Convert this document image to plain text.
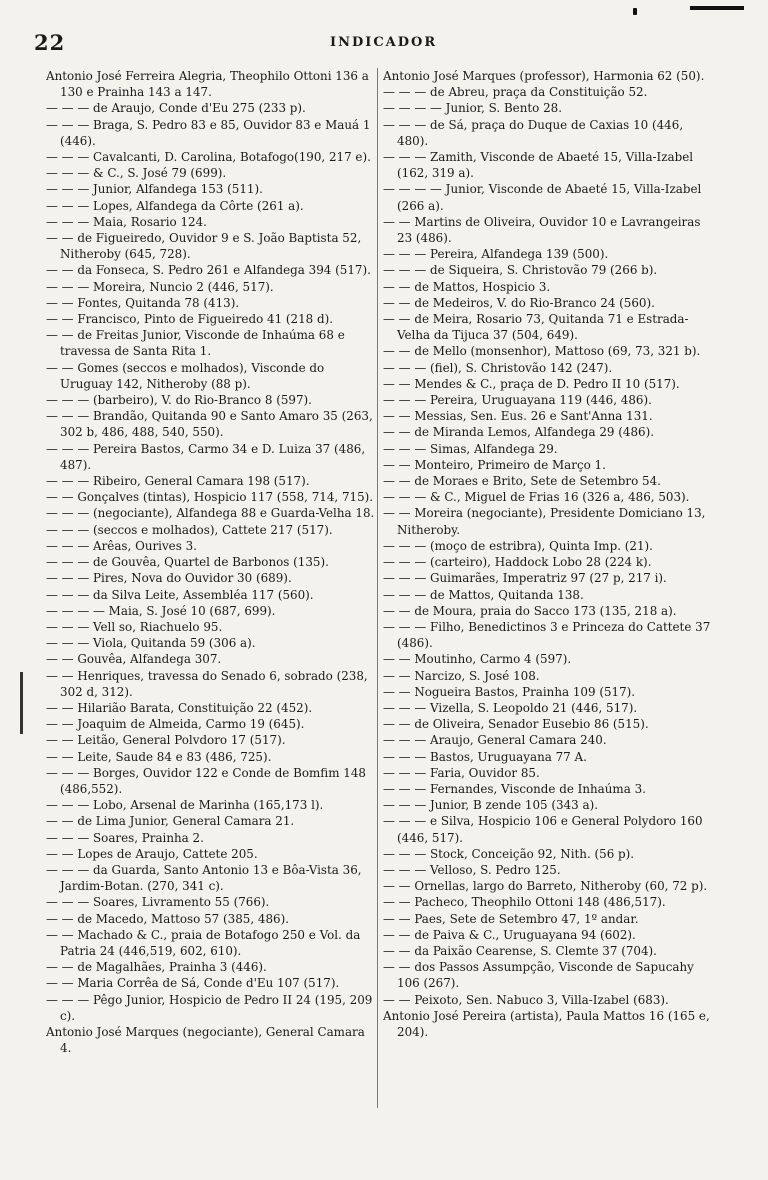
22	INDICADOR
Antonio José Ferreira Alegria, Theophilo Ottoni 136 a 130 e Prainha 143 a 147.
— — — de Araujo, Conde d'Eu 275 (233 p).
— — — Braga, S. Pedro 83 e 85, Ouvidor 83 e Mauá 1 (446).
— — — Cavalcanti, D. Carolina, Botafogo(190, 217 e).
— — — & C., S. José 79 (699).
— — — Junior, Alfandega 153 (511).
— — — Lopes, Alfandega da Côrte (261 a).
— — — Maia, Rosario 124.
— — de Figueiredo, Ouvidor 9 e S. João Baptista 52, Nitheroby (645, 728).
— — da Fonseca, S. Pedro 261 e Alfandega 394 (517).
— — — Moreira, Nuncio 2 (446, 517).
— — Fontes, Quitanda 78 (413).
— — Francisco, Pinto de Figueiredo 41 (218 d).
— — de Freitas Junior, Visconde de Inhaúma 68 e travessa de Santa Rita 1.
— — Gomes (seccos e molhados), Visconde do Uruguay 142, Nitheroby (88 p).
— — — (barbeiro), V. do Rio-Branco 8 (597).
— — — Brandão, Quitanda 90 e Santo Amaro 35 (263, 302 b, 486, 488, 540, 550).
— — — Pereira Bastos, Carmo 34 e D. Luiza 37 (486, 487).
— — — Ribeiro, General Camara 198 (517).
— — Gonçalves (tintas), Hospicio 117 (558, 714, 715).
— — — (negociante), Alfandega 88 e Guarda-Velha 18.
— — — (seccos e molhados), Cattete 217 (517).
— — — Arêas, Ourives 3.
— — — de Gouvêa, Quartel de Barbonos (135).
— — — Pires, Nova do Ouvidor 30 (689).
— — — da Silva Leite, Assembléa 117 (560).
— — — — Maia, S. José 10 (687, 699).
— — — Vell so, Riachuelo 95.
— — — Viola, Quitanda 59 (306 a).
— — Gouvêa, Alfandega 307.
— — Henriques, travessa do Senado 6, sobrado (238, 302 d, 312).
— — Hilarião Barata, Constituição 22 (452).
— — Joaquim de Almeida, Carmo 19 (645).
— — Leitão, General Polvdoro 17 (517).
— — Leite, Saude 84 e 83 (486, 725).
— — — Borges, Ouvidor 122 e Conde de Bomfim 148 (486,552).
— — — Lobo, Arsenal de Marinha (165,173 l).
— — de Lima Junior, General Camara 21.
— — — Soares, Prainha 2.
— — Lopes de Araujo, Cattete 205.
— — — da Guarda, Santo Antonio 13 e Bôa-Vista 36, Jardim-Botan. (270, 341 c).
— — — Soares, Livramento 55 (766).
— — de Macedo, Mattoso 57 (385, 486).
— — Machado & C., praia de Botafogo 250 e Vol. da Patria 24 (446,519, 602, 610).
— — de Magalhães, Prainha 3 (446).
— — Maria Corrêa de Sá, Conde d'Eu 107 (517).
— — — Pêgo Junior, Hospicio de Pedro II 24 (195, 209 c).
Antonio José Marques (negociante), General Camara 4.
Antonio José Marques (professor), Harmonia 62 (50).
— — — de Abreu, praça da Constituição 52.
— — — — Junior, S. Bento 28.
— — — de Sá, praça do Duque de Caxias 10 (446, 480).
— — — Zamith, Visconde de Abaeté 15, Villa-Izabel (162, 319 a).
— — — — Junior, Visconde de Abaeté 15, Villa-Izabel (266 a).
— — Martins de Oliveira, Ouvidor 10 e Lavrangeiras 23 (486).
— — — Pereira, Alfandega 139 (500).
— — — de Siqueira, S. Christovão 79 (266 b).
— — de Mattos, Hospicio 3.
— — de Medeiros, V. do Rio-Branco 24 (560).
— — de Meira, Rosario 73, Quitanda 71 e Estrada-Velha da Tijuca 37 (504, 649).
— — de Mello (monsenhor), Mattoso (69, 73, 321 b).
— — — (fiel), S. Christovão 142 (247).
— — Mendes & C., praça de D. Pedro II 10 (517).
— — — Pereira, Uruguayana 119 (446, 486).
— — Messias, Sen. Eus. 26 e Sant'Anna 131.
— — de Miranda Lemos, Alfandega 29 (486).
— — — Simas, Alfandega 29.
— — Monteiro, Primeiro de Março 1.
— — de Moraes e Brito, Sete de Setembro 54.
— — — & C., Miguel de Frias 16 (326 a, 486, 503).
— — Moreira (negociante), Presidente Domiciano 13, Nitheroby.
— — — (moço de estribra), Quinta Imp. (21).
— — — (carteiro), Haddock Lobo 28 (224 k).
— — — Guimarães, Imperatriz 97 (27 p, 217 i).
— — — de Mattos, Quitanda 138.
— — de Moura, praia do Sacco 173 (135, 218 a).
— — — Filho, Benedictinos 3 e Princeza do Cattete 37 (486).
— — Moutinho, Carmo 4 (597).
— — Narcizo, S. José 108.
— — Nogueira Bastos, Prainha 109 (517).
— — — Vizella, S. Leopoldo 21 (446, 517).
— — de Oliveira, Senador Eusebio 86 (515).
— — — Araujo, General Camara 240.
— — — Bastos, Uruguayana 77 A.
— — — Faria, Ouvidor 85.
— — — Fernandes, Visconde de Inhaúma 3.
— — — Junior, B zende 105 (343 a).
— — — e Silva, Hospicio 106 e General Polydoro 160 (446, 517).
— — — Stock, Conceição 92, Nith. (56 p).
— — — Velloso, S. Pedro 125.
— — Ornellas, largo do Barreto, Nitheroby (60, 72 p).
— — Pacheco, Theophilo Ottoni 148 (486,517).
— — Paes, Sete de Setembro 47, 1º andar.
— — de Paiva & C., Uruguayana 94 (602).
— — da Paixão Cearense, S. Clemte 37 (704).
— — dos Passos Assumpção, Visconde de Sapucahy 106 (267).
— — Peixoto, Sen. Nabuco 3, Villa-Izabel (683).
Antonio José Pereira (artista), Paula Mattos 16 (165 e, 204).
